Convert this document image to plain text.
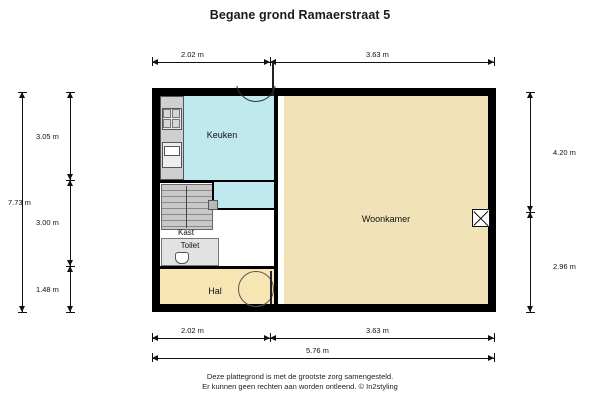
Begane grond Ramaerstraat 5
2.02 m	3.63 m
7.73 m
3.05 m
3.00 m
1.48 m
4.20 m
2.96 m
Woonkamer
Keuken
Kast
Toilet
Hal
2.02 m	3.63 m
5.76 m
Deze plattegrond is met de grootste zorg samengesteld.
Er kunnen geen rechten aan worden ontleend. © In2styling
